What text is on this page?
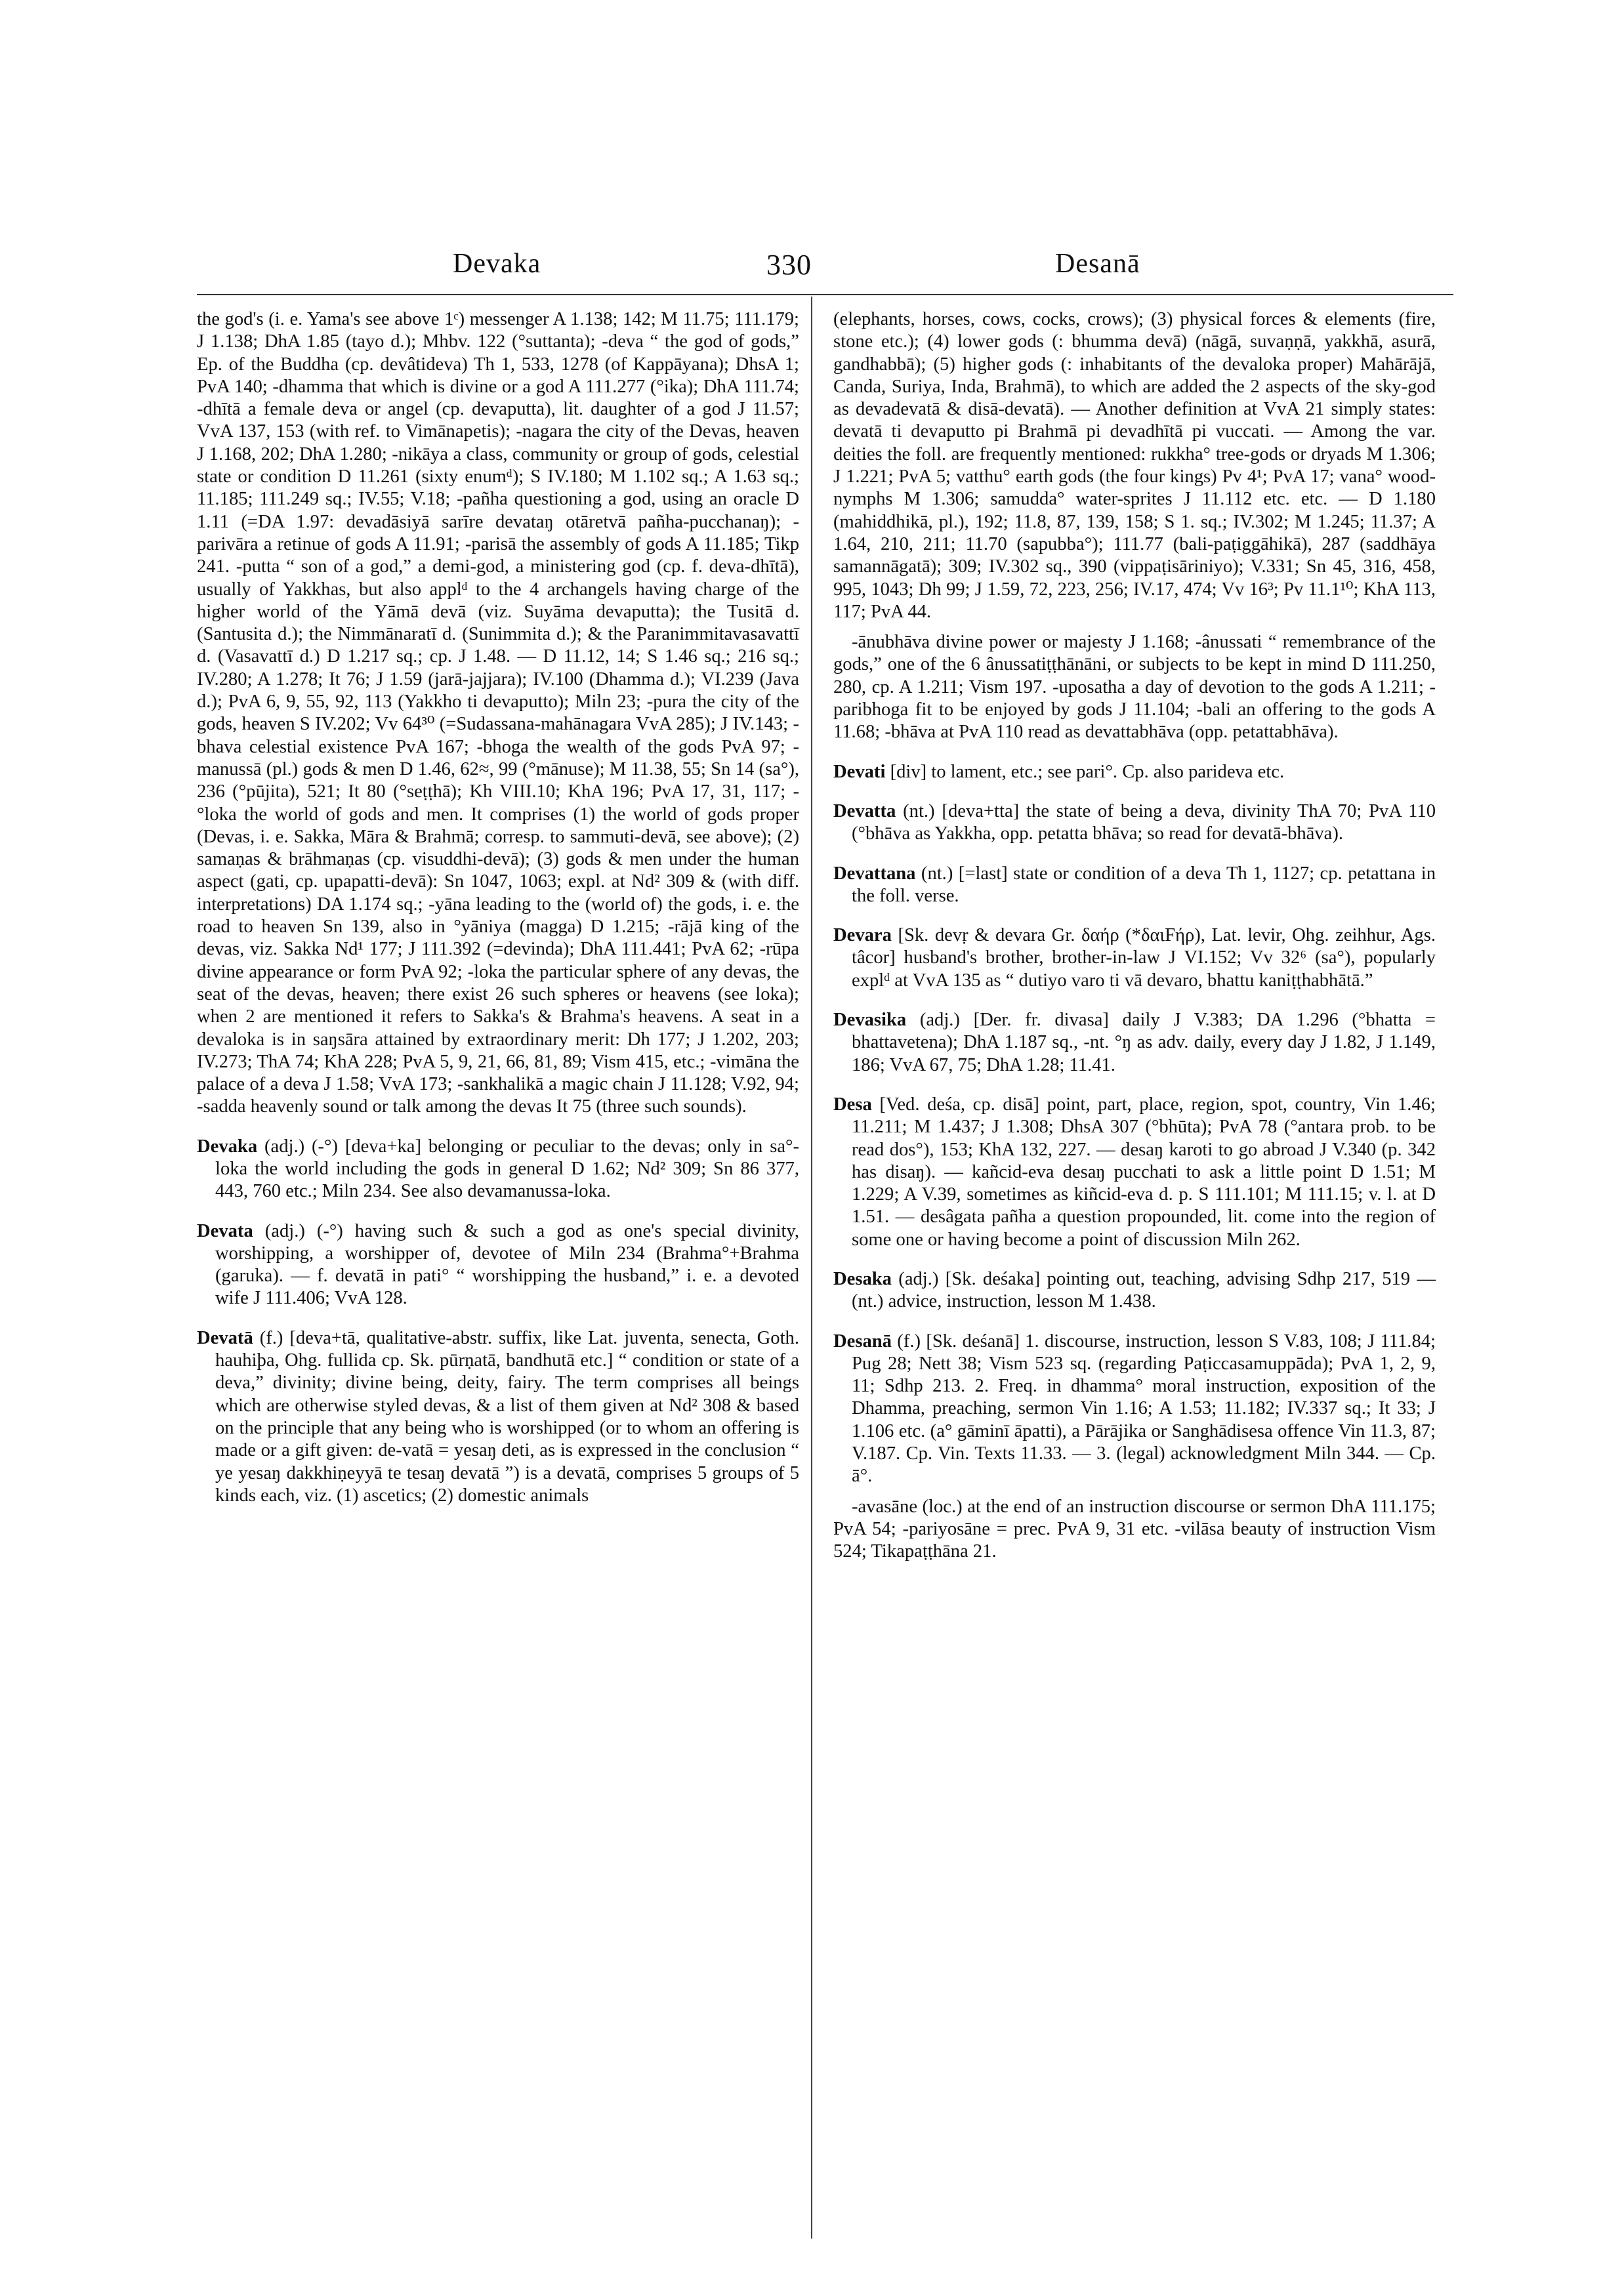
Devaka	330	Desanā

the god's (i. e. Yama's see above 1ᶜ) messenger A 1.138; 142; M 11.75; 111.179; J 1.138; DhA 1.85 (tayo d.); Mhbv. 122 (°suttanta); -deva “ the god of gods,” Ep. of the Buddha (cp. devâtideva) Th 1, 533, 1278 (of Kappāyana); DhsA 1; PvA 140; -dhamma that which is divine or a god A 111.277 (°ika); DhA 111.74; -dhītā a female deva or angel (cp. devaputta), lit. daughter of a god J 11.57; VvA 137, 153 (with ref. to Vimānapetis); -nagara the city of the Devas, heaven J 1.168, 202; DhA 1.280; -nikāya a class, community or group of gods, celestial state or condition D 11.261 (sixty enumᵈ); S IV.180; M 1.102 sq.; A 1.63 sq.; 11.185; 111.249 sq.; IV.55; V.18; -pañha questioning a god, using an oracle D 1.11 (=DA 1.97: devadāsiyā sarīre devataŋ otāretvā pañha-pucchanaŋ); -parivāra a retinue of gods A 11.91; -parisā the assembly of gods A 11.185; Tikp 241. -putta “ son of a god,” a demi-god, a ministering god (cp. f. deva-dhītā), usually of Yakkhas, but also applᵈ to the 4 archangels having charge of the higher world of the Yāmā devā (viz. Suyāma devaputta); the Tusitā d. (Santusita d.); the Nimmānaratī d. (Sunimmita d.); & the Paranimmitavasavattī d. (Vasavattī d.) D 1.217 sq.; cp. J 1.48. — D 11.12, 14; S 1.46 sq.; 216 sq.; IV.280; A 1.278; It 76; J 1.59 (jarā-jajjara); IV.100 (Dhamma d.); VI.239 (Java d.); PvA 6, 9, 55, 92, 113 (Yakkho ti devaputto); Miln 23; -pura the city of the gods, heaven S IV.202; Vv 64³⁰ (=Sudassana-mahānagara VvA 285); J IV.143; -bhava celestial existence PvA 167; -bhoga the wealth of the gods PvA 97; -manussā (pl.) gods & men D 1.46, 62≈, 99 (°mānuse); M 11.38, 55; Sn 14 (sa°), 236 (°pūjita), 521; It 80 (°seṭṭhā); Kh VIII.10; KhA 196; PvA 17, 31, 117; -°loka the world of gods and men. It comprises (1) the world of gods proper (Devas, i. e. Sakka, Māra & Brahmā; corresp. to sammuti-devā, see above); (2) samaṇas & brāhmaṇas (cp. visuddhi-devā); (3) gods & men under the human aspect (gati, cp. upapatti-devā): Sn 1047, 1063; expl. at Nd² 309 & (with diff. interpretations) DA 1.174 sq.; -yāna leading to the (world of) the gods, i. e. the road to heaven Sn 139, also in °yāniya (magga) D 1.215; -rājā king of the devas, viz. Sakka Nd¹ 177; J 111.392 (=devinda); DhA 111.441; PvA 62; -rūpa divine appearance or form PvA 92; -loka the particular sphere of any devas, the seat of the devas, heaven; there exist 26 such spheres or heavens (see loka); when 2 are mentioned it refers to Sakka's & Brahma's heavens. A seat in a devaloka is in saŋsāra attained by extraordinary merit: Dh 177; J 1.202, 203; IV.273; ThA 74; KhA 228; PvA 5, 9, 21, 66, 81, 89; Vism 415, etc.; -vimāna the palace of a deva J 1.58; VvA 173; -sankhalikā a magic chain J 11.128; V.92, 94; -sadda heavenly sound or talk among the devas It 75 (three such sounds).

Devaka (adj.) (-°) [deva+ka] belonging or peculiar to the devas; only in sa°-loka the world including the gods in general D 1.62; Nd² 309; Sn 86 377, 443, 760 etc.; Miln 234. See also devamanussa-loka.

Devata (adj.) (-°) having such & such a god as one's special divinity, worshipping, a worshipper of, devotee of Miln 234 (Brahma°+Brahma (garuka). — f. devatā in pati° “ worshipping the husband,” i. e. a devoted wife J 111.406; VvA 128.

Devatā (f.) [deva+tā, qualitative-abstr. suffix, like Lat. juventa, senecta, Goth. hauhiþa, Ohg. fullida cp. Sk. pūrṇatā, bandhutā etc.] “ condition or state of a deva,” divinity; divine being, deity, fairy. The term comprises all beings which are otherwise styled devas, & a list of them given at Nd² 308 & based on the principle that any being who is worshipped (or to whom an offering is made or a gift given: de-vatā = yesaŋ deti, as is expressed in the conclusion “ ye yesaŋ dakkhiṇeyyā te tesaŋ devatā ”) is a devatā, comprises 5 groups of 5 kinds each, viz. (1) ascetics; (2) domestic animals

(elephants, horses, cows, cocks, crows); (3) physical forces & elements (fire, stone etc.); (4) lower gods (: bhumma devā) (nāgā, suvaṇṇā, yakkhā, asurā, gandhabbā); (5) higher gods (: inhabitants of the devaloka proper) Mahārājā, Canda, Suriya, Inda, Brahmā), to which are added the 2 aspects of the sky-god as devadevatā & disā-devatā). — Another definition at VvA 21 simply states: devatā ti devaputto pi Brahmā pi devadhītā pi vuccati. — Among the var. deities the foll. are frequently mentioned: rukkha° tree-gods or dryads M 1.306; J 1.221; PvA 5; vatthu° earth gods (the four kings) Pv 4¹; PvA 17; vana° wood-nymphs M 1.306; samudda° water-sprites J 11.112 etc. etc. — D 1.180 (mahiddhikā, pl.), 192; 11.8, 87, 139, 158; S 1. sq.; IV.302; M 1.245; 11.37; A 1.64, 210, 211; 11.70 (sapubba°); 111.77 (bali-paṭiggāhikā), 287 (saddhāya samannāgatā); 309; IV.302 sq., 390 (vippaṭisāriniyo); V.331; Sn 45, 316, 458, 995, 1043; Dh 99; J 1.59, 72, 223, 256; IV.17, 474; Vv 16³; Pv 11.1¹⁰; KhA 113, 117; PvA 44.

-ānubhāva divine power or majesty J 1.168; -ânussati “ remembrance of the gods,” one of the 6 ânussatiṭṭhānāni, or subjects to be kept in mind D 111.250, 280, cp. A 1.211; Vism 197. -uposatha a day of devotion to the gods A 1.211; -paribhoga fit to be enjoyed by gods J 11.104; -bali an offering to the gods A 11.68; -bhāva at PvA 110 read as devattabhāva (opp. petattabhāva).

Devati [div] to lament, etc.; see pari°. Cp. also parideva etc.

Devatta (nt.) [deva+tta] the state of being a deva, divinity ThA 70; PvA 110 (°bhāva as Yakkha, opp. petatta bhāva; so read for devatā-bhāva).

Devattana (nt.) [=last] state or condition of a deva Th 1, 1127; cp. petattana in the foll. verse.

Devara [Sk. devṛ & devara Gr. δαήρ (*δαιFήρ), Lat. levir, Ohg. zeihhur, Ags. tâcor] husband's brother, brother-in-law J VI.152; Vv 32⁶ (sa°), popularly explᵈ at VvA 135 as “ dutiyo varo ti vā devaro, bhattu kaniṭṭhabhātā.”

Devasika (adj.) [Der. fr. divasa] daily J V.383; DA 1.296 (°bhatta = bhattavetena); DhA 1.187 sq., -nt. °ŋ as adv. daily, every day J 1.82, J 1.149, 186; VvA 67, 75; DhA 1.28; 11.41.

Desa [Ved. deśa, cp. disā] point, part, place, region, spot, country, Vin 1.46; 11.211; M 1.437; J 1.308; DhsA 307 (°bhūta); PvA 78 (°antara prob. to be read dos°), 153; KhA 132, 227. — desaŋ karoti to go abroad J V.340 (p. 342 has disaŋ). — kañcid-eva desaŋ pucchati to ask a little point D 1.51; M 1.229; A V.39, sometimes as kiñcid-eva d. p. S 111.101; M 111.15; v. l. at D 1.51. — desâgata pañha a question propounded, lit. come into the region of some one or having become a point of discussion Miln 262.

Desaka (adj.) [Sk. deśaka] pointing out, teaching, advising Sdhp 217, 519 — (nt.) advice, instruction, lesson M 1.438.

Desanā (f.) [Sk. deśanā] 1. discourse, instruction, lesson S V.83, 108; J 111.84; Pug 28; Nett 38; Vism 523 sq. (regarding Paṭiccasamuppāda); PvA 1, 2, 9, 11; Sdhp 213. 2. Freq. in dhamma° moral instruction, exposition of the Dhamma, preaching, sermon Vin 1.16; A 1.53; 11.182; IV.337 sq.; It 33; J 1.106 etc. (a° gāminī āpatti), a Pārājika or Sanghādisesa offence Vin 11.3, 87; V.187. Cp. Vin. Texts 11.33. — 3. (legal) acknowledgment Miln 344. — Cp. ā°.

-avasāne (loc.) at the end of an instruction discourse or sermon DhA 111.175; PvA 54; -pariyosāne = prec. PvA 9, 31 etc. -vilāsa beauty of instruction Vism 524; Tikapaṭṭhāna 21.
